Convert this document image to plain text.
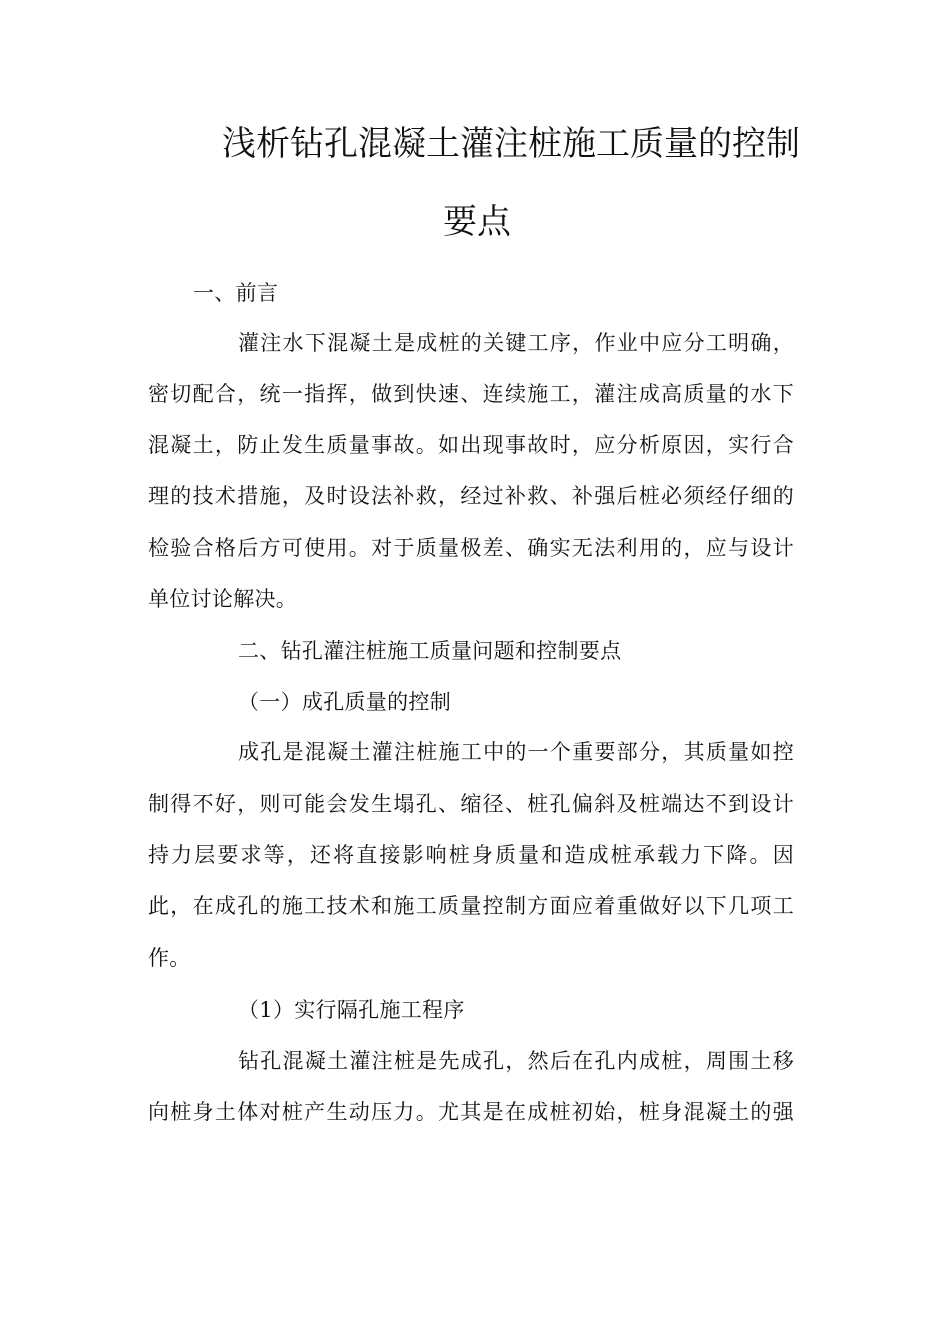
浅析钻孔混凝土灌注桩施工质量的控制
要点
一、前言
灌注水下混凝土是成桩的关键工序，作业中应分工明确，
密切配合，统一指挥，做到快速、连续施工，灌注成高质量的水下
混凝土，防止发生质量事故。如出现事故时，应分析原因，实行合
理的技术措施，及时设法补救，经过补救、补强后桩必须经仔细的
检验合格后方可使用。对于质量极差、确实无法利用的，应与设计
单位讨论解决。
二、钻孔灌注桩施工质量问题和控制要点
（一）成孔质量的控制
成孔是混凝土灌注桩施工中的一个重要部分，其质量如控
制得不好，则可能会发生塌孔、缩径、桩孔偏斜及桩端达不到设计
持力层要求等，还将直接影响桩身质量和造成桩承载力下降。因
此，在成孔的施工技术和施工质量控制方面应着重做好以下几项工
作。
（1）实行隔孔施工程序
钻孔混凝土灌注桩是先成孔，然后在孔内成桩，周围土移
向桩身土体对桩产生动压力。尤其是在成桩初始，桩身混凝土的强
